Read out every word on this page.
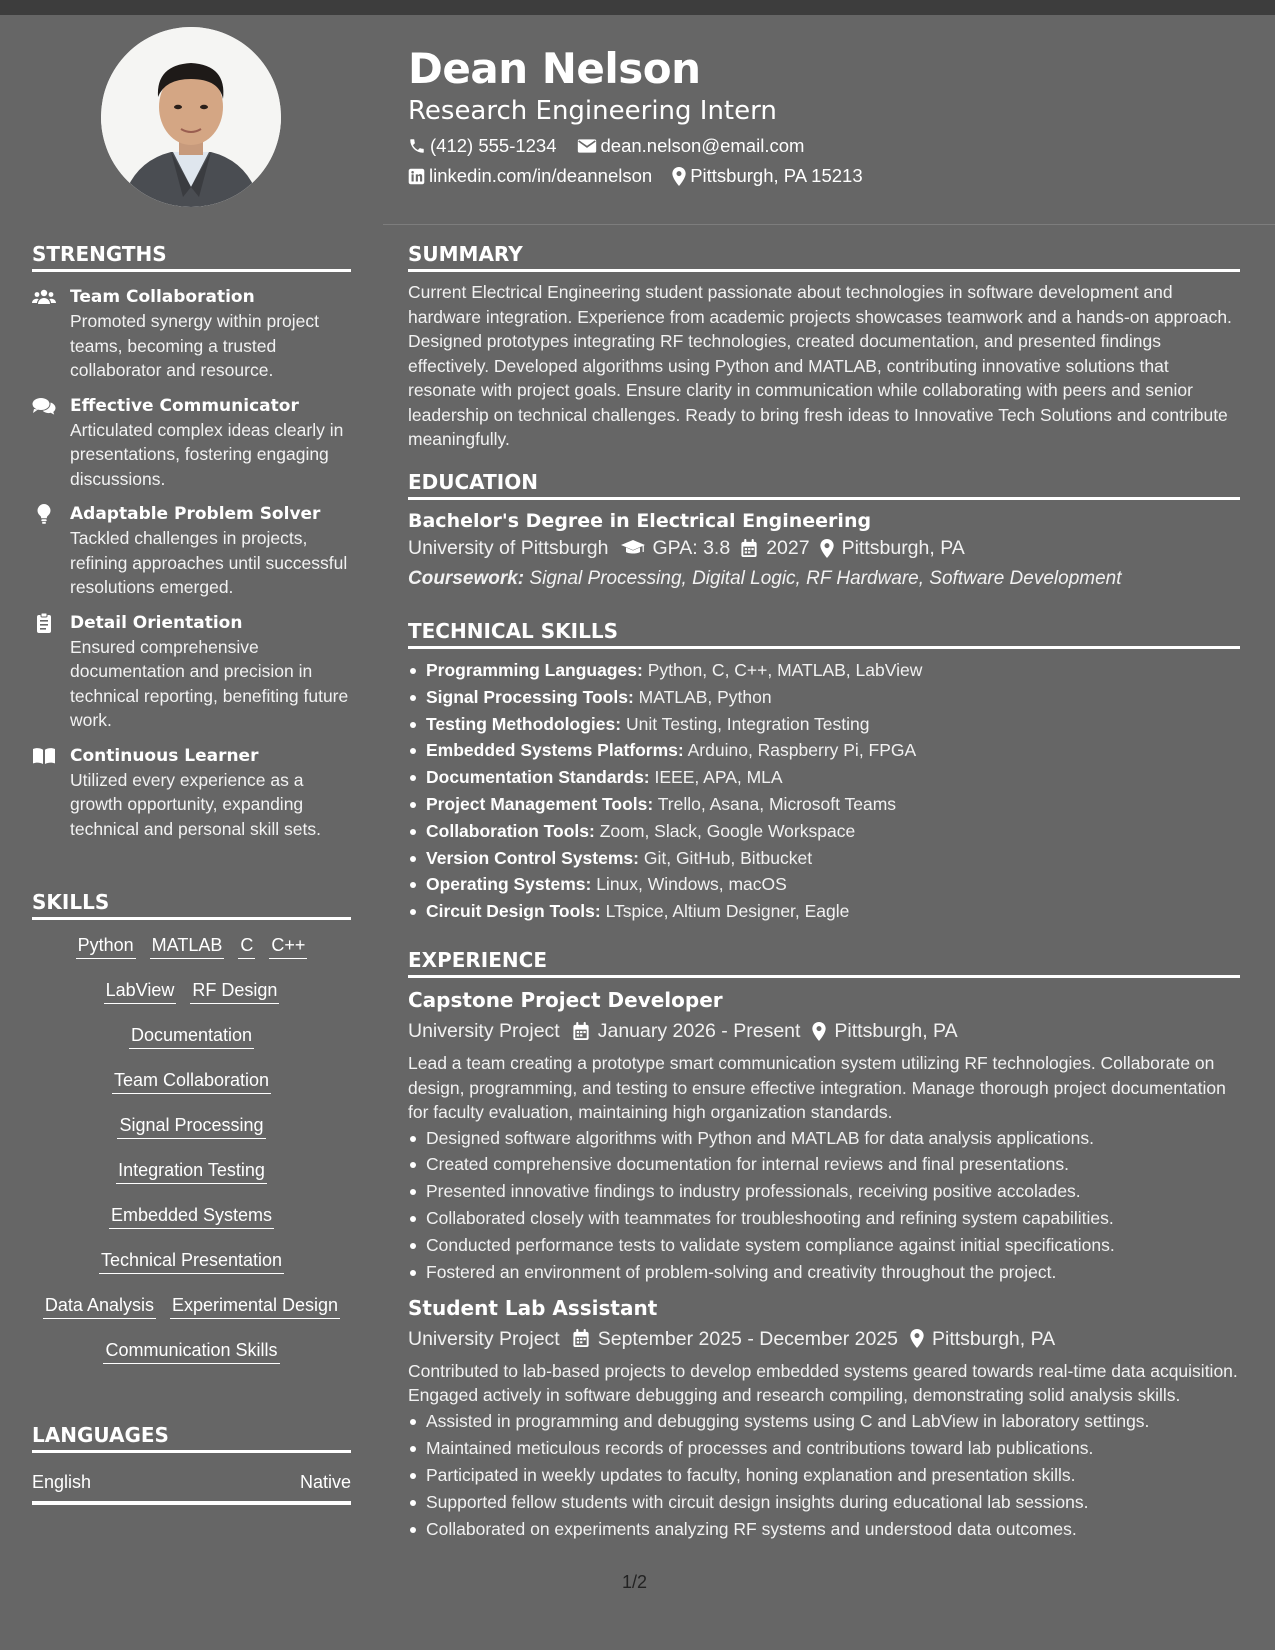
Dean Nelson
Research Engineering Intern
(412) 555-1234 dean.nelson@email.com
linkedin.com/in/deannelson Pittsburgh, PA 15213
STRENGTHS
Team Collaboration
Promoted synergy within project teams, becoming a trusted collaborator and resource.
Effective Communicator
Articulated complex ideas clearly in presentations, fostering engaging discussions.
Adaptable Problem Solver
Tackled challenges in projects, refining approaches until successful resolutions emerged.
Detail Orientation
Ensured comprehensive documentation and precision in technical reporting, benefiting future work.
Continuous Learner
Utilized every experience as a growth opportunity, expanding technical and personal skill sets.
SKILLS
Python MATLAB C C++
LabView RF Design
Documentation
Team Collaboration
Signal Processing
Integration Testing
Embedded Systems
Technical Presentation
Data Analysis Experimental Design
Communication Skills
LANGUAGES
English	Native
SUMMARY
Current Electrical Engineering student passionate about technologies in software development and hardware integration. Experience from academic projects showcases teamwork and a hands-on approach. Designed prototypes integrating RF technologies, created documentation, and presented findings effectively. Developed algorithms using Python and MATLAB, contributing innovative solutions that resonate with project goals. Ensure clarity in communication while collaborating with peers and senior leadership on technical challenges. Ready to bring fresh ideas to Innovative Tech Solutions and contribute meaningfully.
EDUCATION
Bachelor's Degree in Electrical Engineering
University of Pittsburgh GPA: 3.8 2027 Pittsburgh, PA
Coursework: Signal Processing, Digital Logic, RF Hardware, Software Development
TECHNICAL SKILLS
Programming Languages: Python, C, C++, MATLAB, LabView
Signal Processing Tools: MATLAB, Python
Testing Methodologies: Unit Testing, Integration Testing
Embedded Systems Platforms: Arduino, Raspberry Pi, FPGA
Documentation Standards: IEEE, APA, MLA
Project Management Tools: Trello, Asana, Microsoft Teams
Collaboration Tools: Zoom, Slack, Google Workspace
Version Control Systems: Git, GitHub, Bitbucket
Operating Systems: Linux, Windows, macOS
Circuit Design Tools: LTspice, Altium Designer, Eagle
EXPERIENCE
Capstone Project Developer
University Project January 2026 - Present Pittsburgh, PA
Lead a team creating a prototype smart communication system utilizing RF technologies. Collaborate on design, programming, and testing to ensure effective integration. Manage thorough project documentation for faculty evaluation, maintaining high organization standards.
Designed software algorithms with Python and MATLAB for data analysis applications.
Created comprehensive documentation for internal reviews and final presentations.
Presented innovative findings to industry professionals, receiving positive accolades.
Collaborated closely with teammates for troubleshooting and refining system capabilities.
Conducted performance tests to validate system compliance against initial specifications.
Fostered an environment of problem-solving and creativity throughout the project.
Student Lab Assistant
University Project September 2025 - December 2025 Pittsburgh, PA
Contributed to lab-based projects to develop embedded systems geared towards real-time data acquisition. Engaged actively in software debugging and research compiling, demonstrating solid analysis skills.
Assisted in programming and debugging systems using C and LabView in laboratory settings.
Maintained meticulous records of processes and contributions toward lab publications.
Participated in weekly updates to faculty, honing explanation and presentation skills.
Supported fellow students with circuit design insights during educational lab sessions.
Collaborated on experiments analyzing RF systems and understood data outcomes.
1/2
